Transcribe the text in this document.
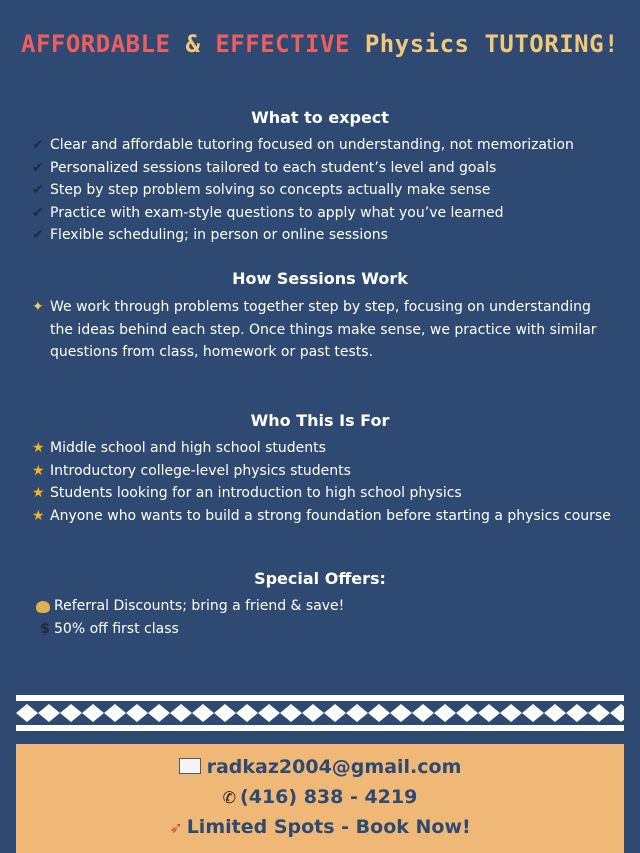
AFFORDABLE & EFFECTIVE Physics TUTORING!
What to expect
✔ Clear and affordable tutoring focused on understanding, not memorization
✔ Personalized sessions tailored to each student’s level and goals
✔ Step by step problem solving so concepts actually make sense
✔ Practice with exam-style questions to apply what you’ve learned
✔ Flexible scheduling; in person or online sessions
How Sessions Work
✦ We work through problems together step by step, focusing on understanding the ideas behind each step. Once things make sense, we practice with similar questions from class, homework or past tests.
Who This Is For
★ Middle school and high school students
★ Introductory college-level physics students
★ Students looking for an introduction to high school physics
★ Anyone who wants to build a strong foundation before starting a physics course
Special Offers:
Referral Discounts; bring a friend & save!
$ 50% off first class
radkaz2004@gmail.com
✆ (416) 838 - 4219
➶ Limited Spots - Book Now!
